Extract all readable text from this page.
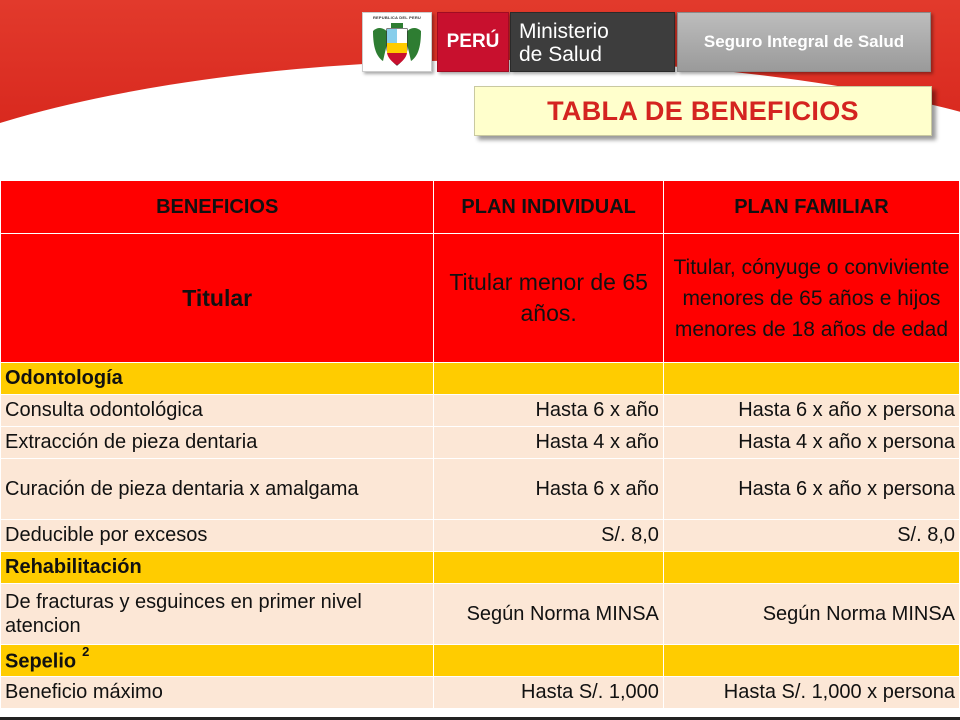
REPUBLICA DEL PERU
PERÚ Ministerio
de Salud
Seguro Integral de Salud
TABLA DE BENEFICIOS
BENEFICIOS	PLAN INDIVIDUAL	PLAN FAMILIAR
Titular	Titular menor de 65 años.	Titular, cónyuge o conviviente menores de 65 años e hijos menores de 18 años de edad
Odontología		
Consulta odontológica	Hasta 6 x año	Hasta 6 x año x persona
Extracción de pieza dentaria	Hasta 4 x año	Hasta 4 x año x persona
Curación de pieza dentaria x amalgama	Hasta 6 x año	Hasta 6 x año x persona
Deducible por excesos	S/. 8,0	S/. 8,0
Rehabilitación		
De fracturas y esguinces en primer nivel atencion	Según Norma MINSA	Según Norma MINSA
Sepelio $^2$		
Beneficio máximo	Hasta S/. 1,000	Hasta S/. 1,000 x persona
